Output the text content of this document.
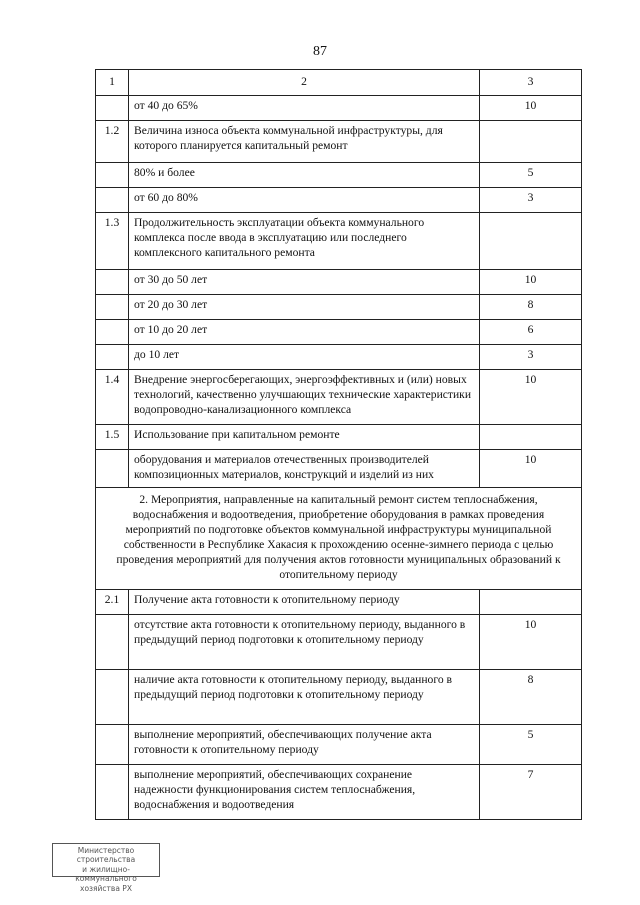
87
1	2	3
	от 40 до 65%	10
1.2	Величина износа объекта коммунальной инфраструктуры, для которого планируется капитальный ремонт	
	80% и более	5
	от 60 до 80%	3
1.3	Продолжительность эксплуатации объекта коммунального комплекса после ввода в эксплуатацию или последнего комплексного капитального ремонта	
	от 30 до 50 лет	10
	от 20 до 30 лет	8
	от 10 до 20 лет	6
	до 10 лет	3
1.4	Внедрение энергосберегающих, энергоэффективных и (или) новых технологий, качественно улучшающих технические характеристики водопроводно-канализационного комплекса	10
1.5	Использование при капитальном ремонте	
	оборудования и материалов отечественных производителей композиционных материалов, конструкций и изделий из них	10
2. Мероприятия, направленные на капитальный ремонт систем теплоснабжения, водоснабжения и водоотведения, приобретение оборудования в рамках проведения мероприятий по подготовке объектов коммунальной инфраструктуры муниципальной собственности в Республике Хакасия к прохождению осенне-зимнего периода с целью проведения мероприятий для получения актов готовности муниципальных образований к отопительному периоду		
2.1	Получение акта готовности к отопительному периоду	
	отсутствие акта готовности к отопительному периоду, выданного в предыдущий период подготовки к отопительному периоду	10
	наличие акта готовности к отопительному периоду, выданного в предыдущий период подготовки к отопительному периоду	8
	выполнение мероприятий, обеспечивающих получение акта готовности к отопительному периоду	5
	выполнение мероприятий, обеспечивающих сохранение надежности функционирования систем теплоснабжения, водоснабжения и водоотведения	7
Министерство строительства
и жилищно-коммунального
хозяйства РХ
